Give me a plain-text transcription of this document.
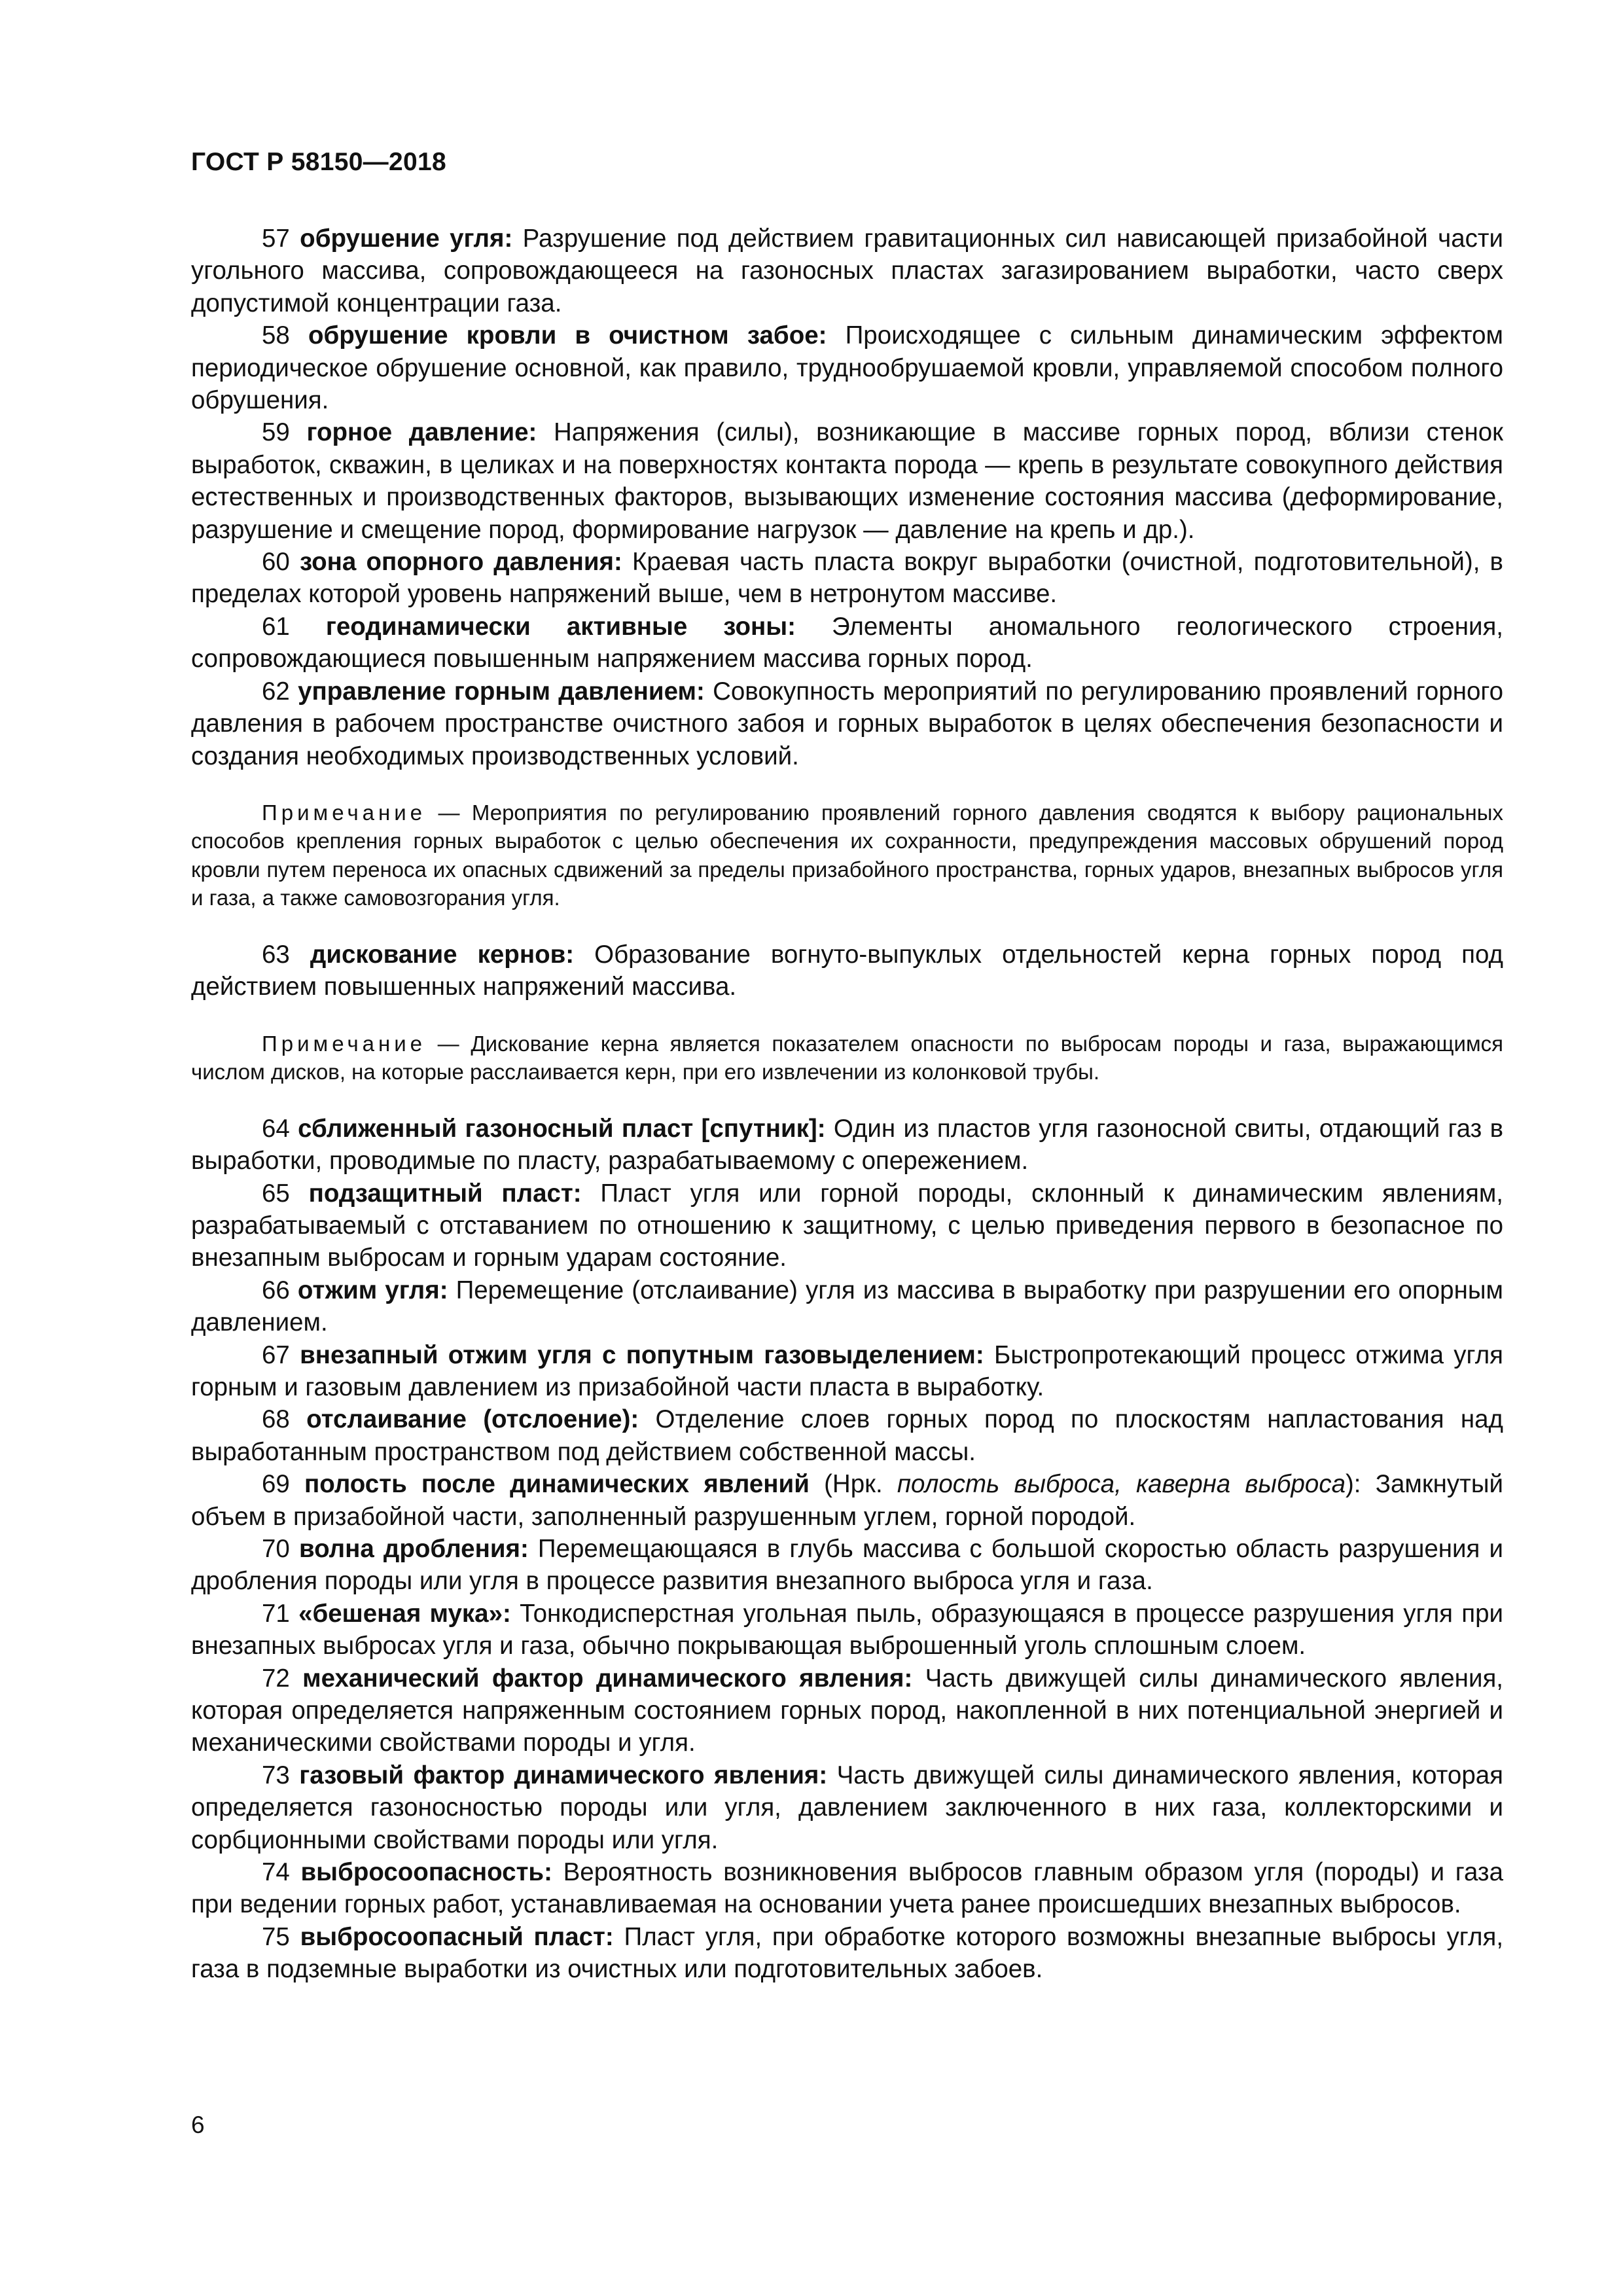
ГОСТ Р 58150—2018

57 обрушение угля: Разрушение под действием гравитационных сил нависающей призабойной части угольного массива, сопровождающееся на газоносных пластах загазированием выработки, часто сверх допустимой концентрации газа.

58 обрушение кровли в очистном забое: Происходящее с сильным динамическим эффектом периодическое обрушение основной, как правило, труднообрушаемой кровли, управляемой способом полного обрушения.

59 горное давление: Напряжения (силы), возникающие в массиве горных пород, вблизи стенок выработок, скважин, в целиках и на поверхностях контакта порода — крепь в результате совокупного действия естественных и производственных факторов, вызывающих изменение состояния массива (деформирование, разрушение и смещение пород, формирование нагрузок — давление на крепь и др.).

60 зона опорного давления: Краевая часть пласта вокруг выработки (очистной, подготовительной), в пределах которой уровень напряжений выше, чем в нетронутом массиве.

61 геодинамически активные зоны: Элементы аномального геологического строения, сопровождающиеся повышенным напряжением массива горных пород.

62 управление горным давлением: Совокупность мероприятий по регулированию проявлений горного давления в рабочем пространстве очистного забоя и горных выработок в целях обеспечения безопасности и создания необходимых производственных условий.

Примечание — Мероприятия по регулированию проявлений горного давления сводятся к выбору рациональных способов крепления горных выработок с целью обеспечения их сохранности, предупреждения массовых обрушений пород кровли путем переноса их опасных сдвижений за пределы призабойного пространства, горных ударов, внезапных выбросов угля и газа, а также самовозгорания угля.

63 дискование кернов: Образование вогнуто-выпуклых отдельностей керна горных пород под действием повышенных напряжений массива.

Примечание — Дискование керна является показателем опасности по выбросам породы и газа, выражающимся числом дисков, на которые расслаивается керн, при его извлечении из колонковой трубы.

64 сближенный газоносный пласт [спутник]: Один из пластов угля газоносной свиты, отдающий газ в выработки, проводимые по пласту, разрабатываемому с опережением.

65 подзащитный пласт: Пласт угля или горной породы, склонный к динамическим явлениям, разрабатываемый с отставанием по отношению к защитному, с целью приведения первого в безопасное по внезапным выбросам и горным ударам состояние.

66 отжим угля: Перемещение (отслаивание) угля из массива в выработку при разрушении его опорным давлением.

67 внезапный отжим угля с попутным газовыделением: Быстропротекающий процесс отжима угля горным и газовым давлением из призабойной части пласта в выработку.

68 отслаивание (отслоение): Отделение слоев горных пород по плоскостям напластования над выработанным пространством под действием собственной массы.

69 полость после динамических явлений (Нрк. полость выброса, каверна выброса): Замкнутый объем в призабойной части, заполненный разрушенным углем, горной породой.

70 волна дробления: Перемещающаяся в глубь массива с большой скоростью область разрушения и дробления породы или угля в процессе развития внезапного выброса угля и газа.

71 «бешеная мука»: Тонкодисперстная угольная пыль, образующаяся в процессе разрушения угля при внезапных выбросах угля и газа, обычно покрывающая выброшенный уголь сплошным слоем.

72 механический фактор динамического явления: Часть движущей силы динамического явления, которая определяется напряженным состоянием горных пород, накопленной в них потенциальной энергией и механическими свойствами породы и угля.

73 газовый фактор динамического явления: Часть движущей силы динамического явления, которая определяется газоносностью породы или угля, давлением заключенного в них газа, коллекторскими и сорбционными свойствами породы или угля.

74 выбросоопасность: Вероятность возникновения выбросов главным образом угля (породы) и газа при ведении горных работ, устанавливаемая на основании учета ранее происшедших внезапных выбросов.

75 выбросоопасный пласт: Пласт угля, при обработке которого возможны внезапные выбросы угля, газа в подземные выработки из очистных или подготовительных забоев.

6
